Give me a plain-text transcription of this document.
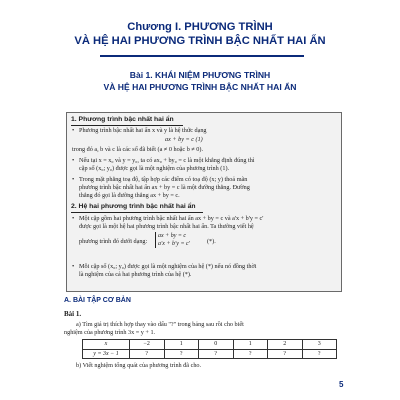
Chương I. PHƯƠNG TRÌNH
VÀ HỆ HAI PHƯƠNG TRÌNH BẬC NHẤT HAI ẨN
Bài 1. KHÁI NIỆM PHƯƠNG TRÌNH
VÀ HỆ HAI PHƯƠNG TRÌNH BẬC NHẤT HAI ẨN
1. Phương trình bậc nhất hai ẩn
• Phương trình bậc nhất hai ẩn x và y là hệ thức dạng
ax + by = c (1)
trong đó a, b và c là các số đã biết (a ≠ 0 hoặc b ≠ 0).
• Nếu tại x = x₀ và y = y₀, ta có ax₀ + by₀ = c là một khẳng định đúng thì
cặp số (x₀; y₀) được gọi là một nghiệm của phương trình (1).
• Trong mặt phẳng toạ độ, tập hợp các điểm có toạ độ (x; y) thoả mãn
phương trình bậc nhất hai ẩn ax + by = c là một đường thẳng. Đường
thẳng đó gọi là đường thẳng ax + by = c.
2. Hệ hai phương trình bậc nhất hai ẩn
• Một cặp gồm hai phương trình bậc nhất hai ẩn ax + by = c và a'x + b'y = c'
được gọi là một hệ hai phương trình bậc nhất hai ẩn. Ta thường viết hệ
phương trình đó dưới dạng:
ax + by = c
a'x + b'y = c'	(*).
• Mỗi cặp số (x₀; y₀) được gọi là một nghiệm của hệ (*) nếu nó đồng thời
là nghiệm của cả hai phương trình của hệ (*).
A. BÀI TẬP CƠ BẢN
Bài 1.
a) Tìm giá trị thích hợp thay vào dấu "?" trong bảng sau rồi cho biết
nghiệm của phương trình 3x = y + 1.
x	−2	1	0	1	2	3
y = 3x − 1	?	?	?	?	?	?
b) Viết nghiệm tổng quát của phương trình đã cho.
5
